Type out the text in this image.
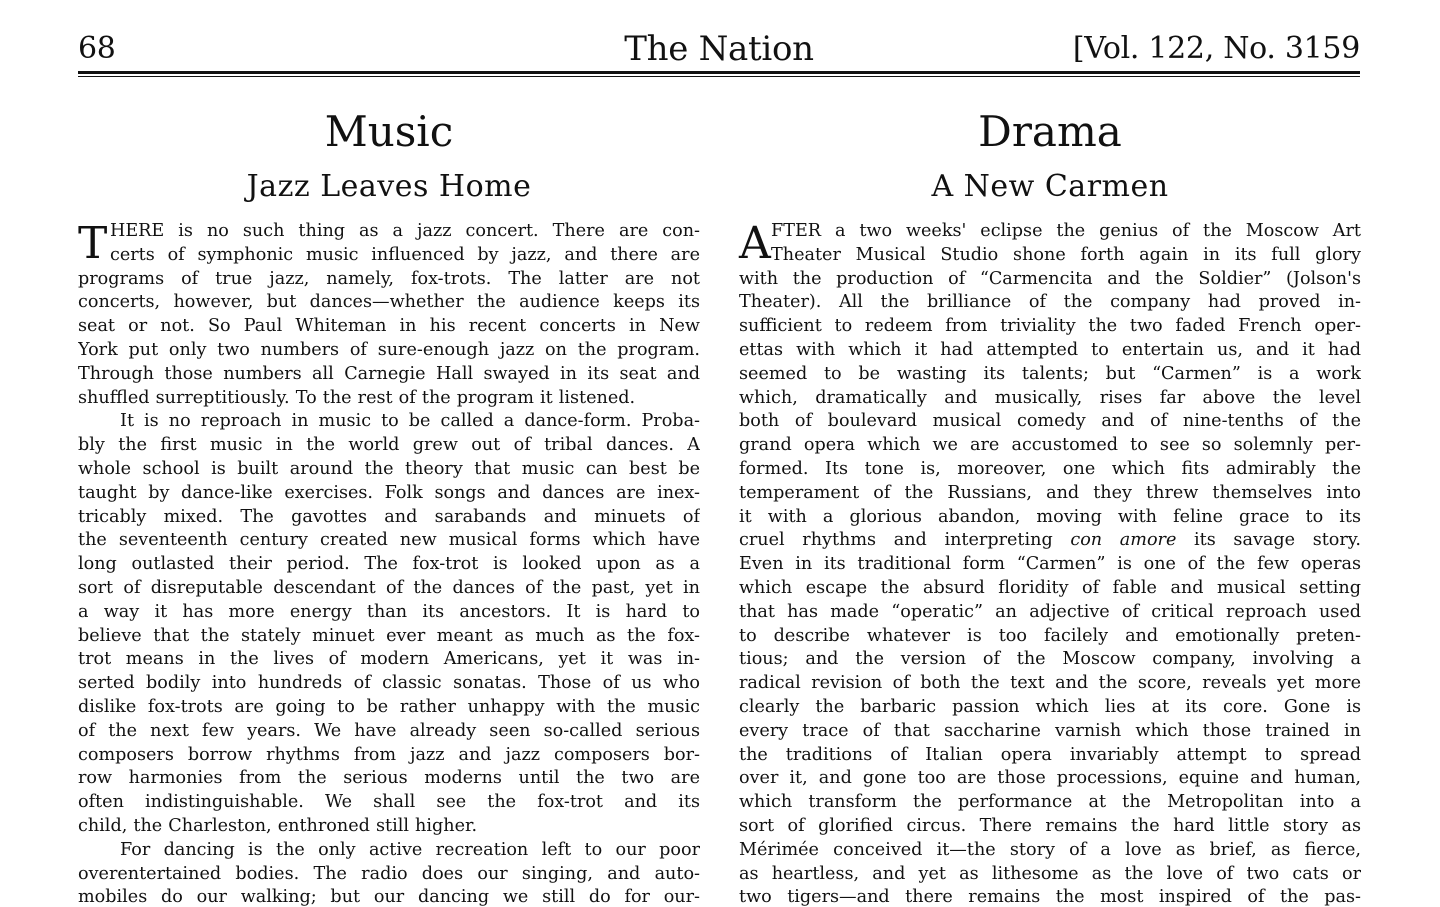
68	The Nation	[Vol. 122, No. 3159
Music
Jazz Leaves Home
T HERE is no such thing as a jazz concert. There are con-
certs of symphonic music influenced by jazz, and there are
programs of true jazz, namely, fox-trots. The latter are not
concerts, however, but dances—whether the audience keeps its
seat or not. So Paul Whiteman in his recent concerts in New
York put only two numbers of sure-enough jazz on the program.
Through those numbers all Carnegie Hall swayed in its seat and
shuffled surreptitiously. To the rest of the program it listened.
It is no reproach in music to be called a dance-form. Proba-
bly the first music in the world grew out of tribal dances. A
whole school is built around the theory that music can best be
taught by dance-like exercises. Folk songs and dances are inex-
tricably mixed. The gavottes and sarabands and minuets of
the seventeenth century created new musical forms which have
long outlasted their period. The fox-trot is looked upon as a
sort of disreputable descendant of the dances of the past, yet in
a way it has more energy than its ancestors. It is hard to
believe that the stately minuet ever meant as much as the fox-
trot means in the lives of modern Americans, yet it was in-
serted bodily into hundreds of classic sonatas. Those of us who
dislike fox-trots are going to be rather unhappy with the music
of the next few years. We have already seen so-called serious
composers borrow rhythms from jazz and jazz composers bor-
row harmonies from the serious moderns until the two are
often indistinguishable. We shall see the fox-trot and its
child, the Charleston, enthroned still higher.
For dancing is the only active recreation left to our poor
overentertained bodies. The radio does our singing, and auto-
mobiles do our walking; but our dancing we still do for our-
Drama
A New Carmen
A FTER a two weeks' eclipse the genius of the Moscow Art
Theater Musical Studio shone forth again in its full glory
with the production of “Carmencita and the Soldier” (Jolson's
Theater). All the brilliance of the company had proved in-
sufficient to redeem from triviality the two faded French oper-
ettas with which it had attempted to entertain us, and it had
seemed to be wasting its talents; but “Carmen” is a work
which, dramatically and musically, rises far above the level
both of boulevard musical comedy and of nine-tenths of the
grand opera which we are accustomed to see so solemnly per-
formed. Its tone is, moreover, one which fits admirably the
temperament of the Russians, and they threw themselves into
it with a glorious abandon, moving with feline grace to its
cruel rhythms and interpreting con amore its savage story.
Even in its traditional form “Carmen” is one of the few operas
which escape the absurd floridity of fable and musical setting
that has made “operatic” an adjective of critical reproach used
to describe whatever is too facilely and emotionally preten-
tious; and the version of the Moscow company, involving a
radical revision of both the text and the score, reveals yet more
clearly the barbaric passion which lies at its core. Gone is
every trace of that saccharine varnish which those trained in
the traditions of Italian opera invariably attempt to spread
over it, and gone too are those processions, equine and human,
which transform the performance at the Metropolitan into a
sort of glorified circus. There remains the hard little story as
Mérimée conceived it—the story of a love as brief, as fierce,
as heartless, and yet as lithesome as the love of two cats or
two tigers—and there remains the most inspired of the pas-
